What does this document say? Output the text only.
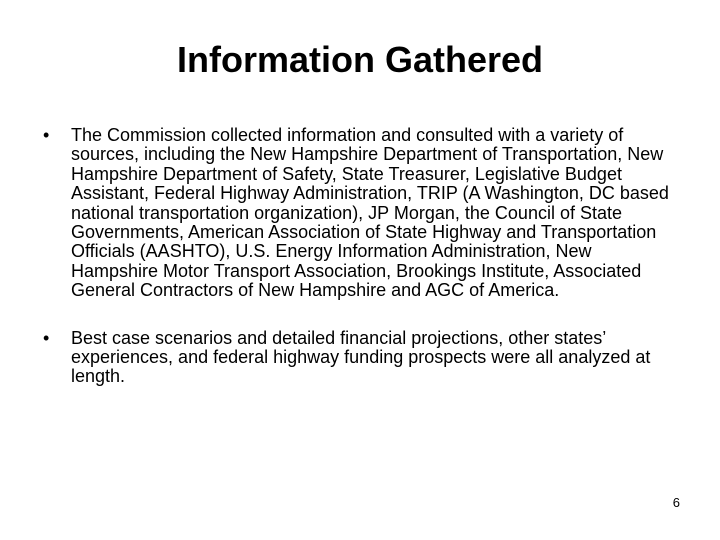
Information Gathered
•	The Commission collected information and consulted with a variety of sources, including the New Hampshire Department of Transportation, New Hampshire Department of Safety, State Treasurer, Legislative Budget Assistant, Federal Highway Administration, TRIP (A Washington, DC based national transportation organization), JP Morgan, the Council of State Governments, American Association of State Highway and Transportation Officials (AASHTO), U.S. Energy Information Administration, New Hampshire Motor Transport Association, Brookings Institute, Associated General Contractors of New Hampshire and AGC of America.
•	Best case scenarios and detailed financial projections, other states’ experiences, and federal highway funding prospects were all analyzed at length.
6
